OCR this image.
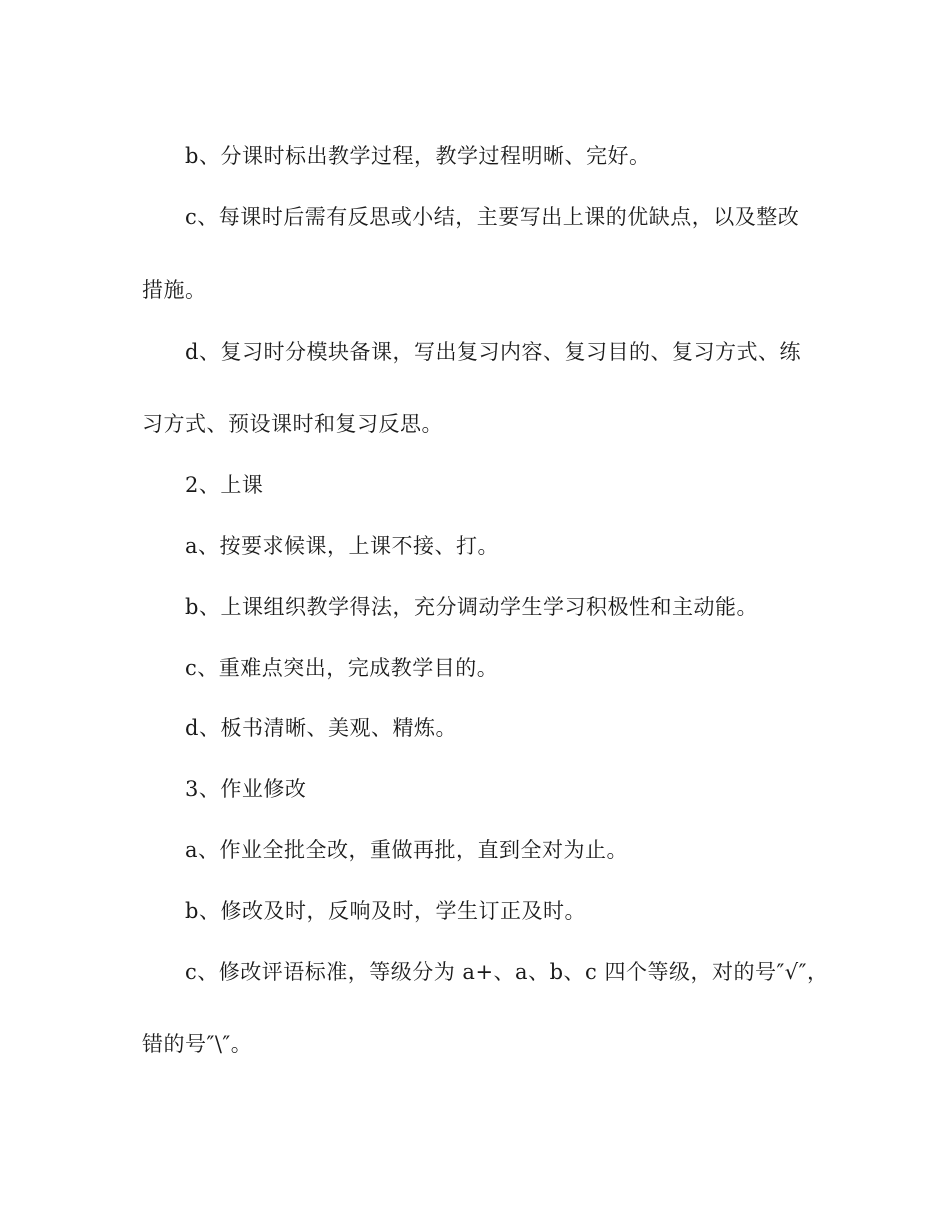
b、分课时标出教学过程，教学过程明晰、完好。
c、每课时后需有反思或小结，主要写出上课的优缺点，以及整改
措施。
d、复习时分模块备课，写出复习内容、复习目的、复习方式、练
习方式、预设课时和复习反思。
2、上课
a、按要求候课，上课不接、打。
b、上课组织教学得法，充分调动学生学习积极性和主动能。
c、重难点突出，完成教学目的。
d、板书清晰、美观、精炼。
3、作业修改
a、作业全批全改，重做再批，直到全对为止。
b、修改及时，反响及时，学生订正及时。
c、修改评语标准，等级分为 a+、a、b、c 四个等级，对的号″√″，
错的号″\″。
